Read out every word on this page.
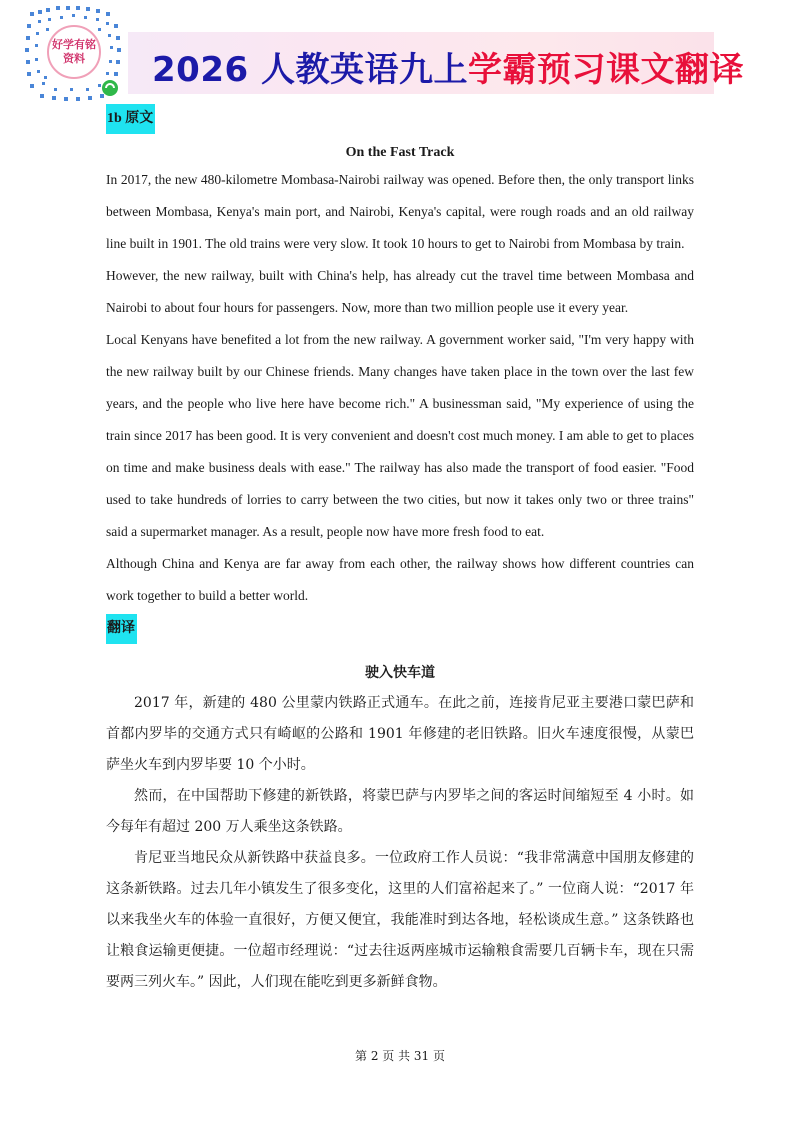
好学有铭资料	2026 人教英语九上学霸预习课文翻译
1b 原文
On the Fast Track

In 2017, the new 480-kilometre Mombasa-Nairobi railway was opened. Before then, the only transport links between Mombasa, Kenya's main port, and Nairobi, Kenya's capital, were rough roads and an old railway line built in 1901. The old trains were very slow. It took 10 hours to get to Nairobi from Mombasa by train.

However, the new railway, built with China's help, has already cut the travel time between Mombasa and Nairobi to about four hours for passengers. Now, more than two million people use it every year.

Local Kenyans have benefited a lot from the new railway. A government worker said, "I'm very happy with the new railway built by our Chinese friends. Many changes have taken place in the town over the last few years, and the people who live here have become rich." A businessman said, "My experience of using the train since 2017 has been good. It is very convenient and doesn't cost much money. I am able to get to places on time and make business deals with ease." The railway has also made the transport of food easier. "Food used to take hundreds of lorries to carry between the two cities, but now it takes only two or three trains" said a supermarket manager. As a result, people now have more fresh food to eat.

Although China and Kenya are far away from each other, the railway shows how different countries can work together to build a better world.

翻译
驶入快车道

2017 年，新建的 480 公里蒙内铁路正式通车。在此之前，连接肯尼亚主要港口蒙巴萨和首都内罗毕的交通方式只有崎岖的公路和 1901 年修建的老旧铁路。旧火车速度很慢，从蒙巴萨坐火车到内罗毕要 10 个小时。

然而，在中国帮助下修建的新铁路，将蒙巴萨与内罗毕之间的客运时间缩短至 4 小时。如今每年有超过 200 万人乘坐这条铁路。

肯尼亚当地民众从新铁路中获益良多。一位政府工作人员说：“我非常满意中国朋友修建的这条新铁路。过去几年小镇发生了很多变化，这里的人们富裕起来了。” 一位商人说：“2017 年以来我坐火车的体验一直很好，方便又便宜，我能准时到达各地，轻松谈成生意。” 这条铁路也让粮食运输更便捷。一位超市经理说：“过去往返两座城市运输粮食需要几百辆卡车，现在只需要两三列火车。” 因此，人们现在能吃到更多新鲜食物。

第 2 页 共 31 页
